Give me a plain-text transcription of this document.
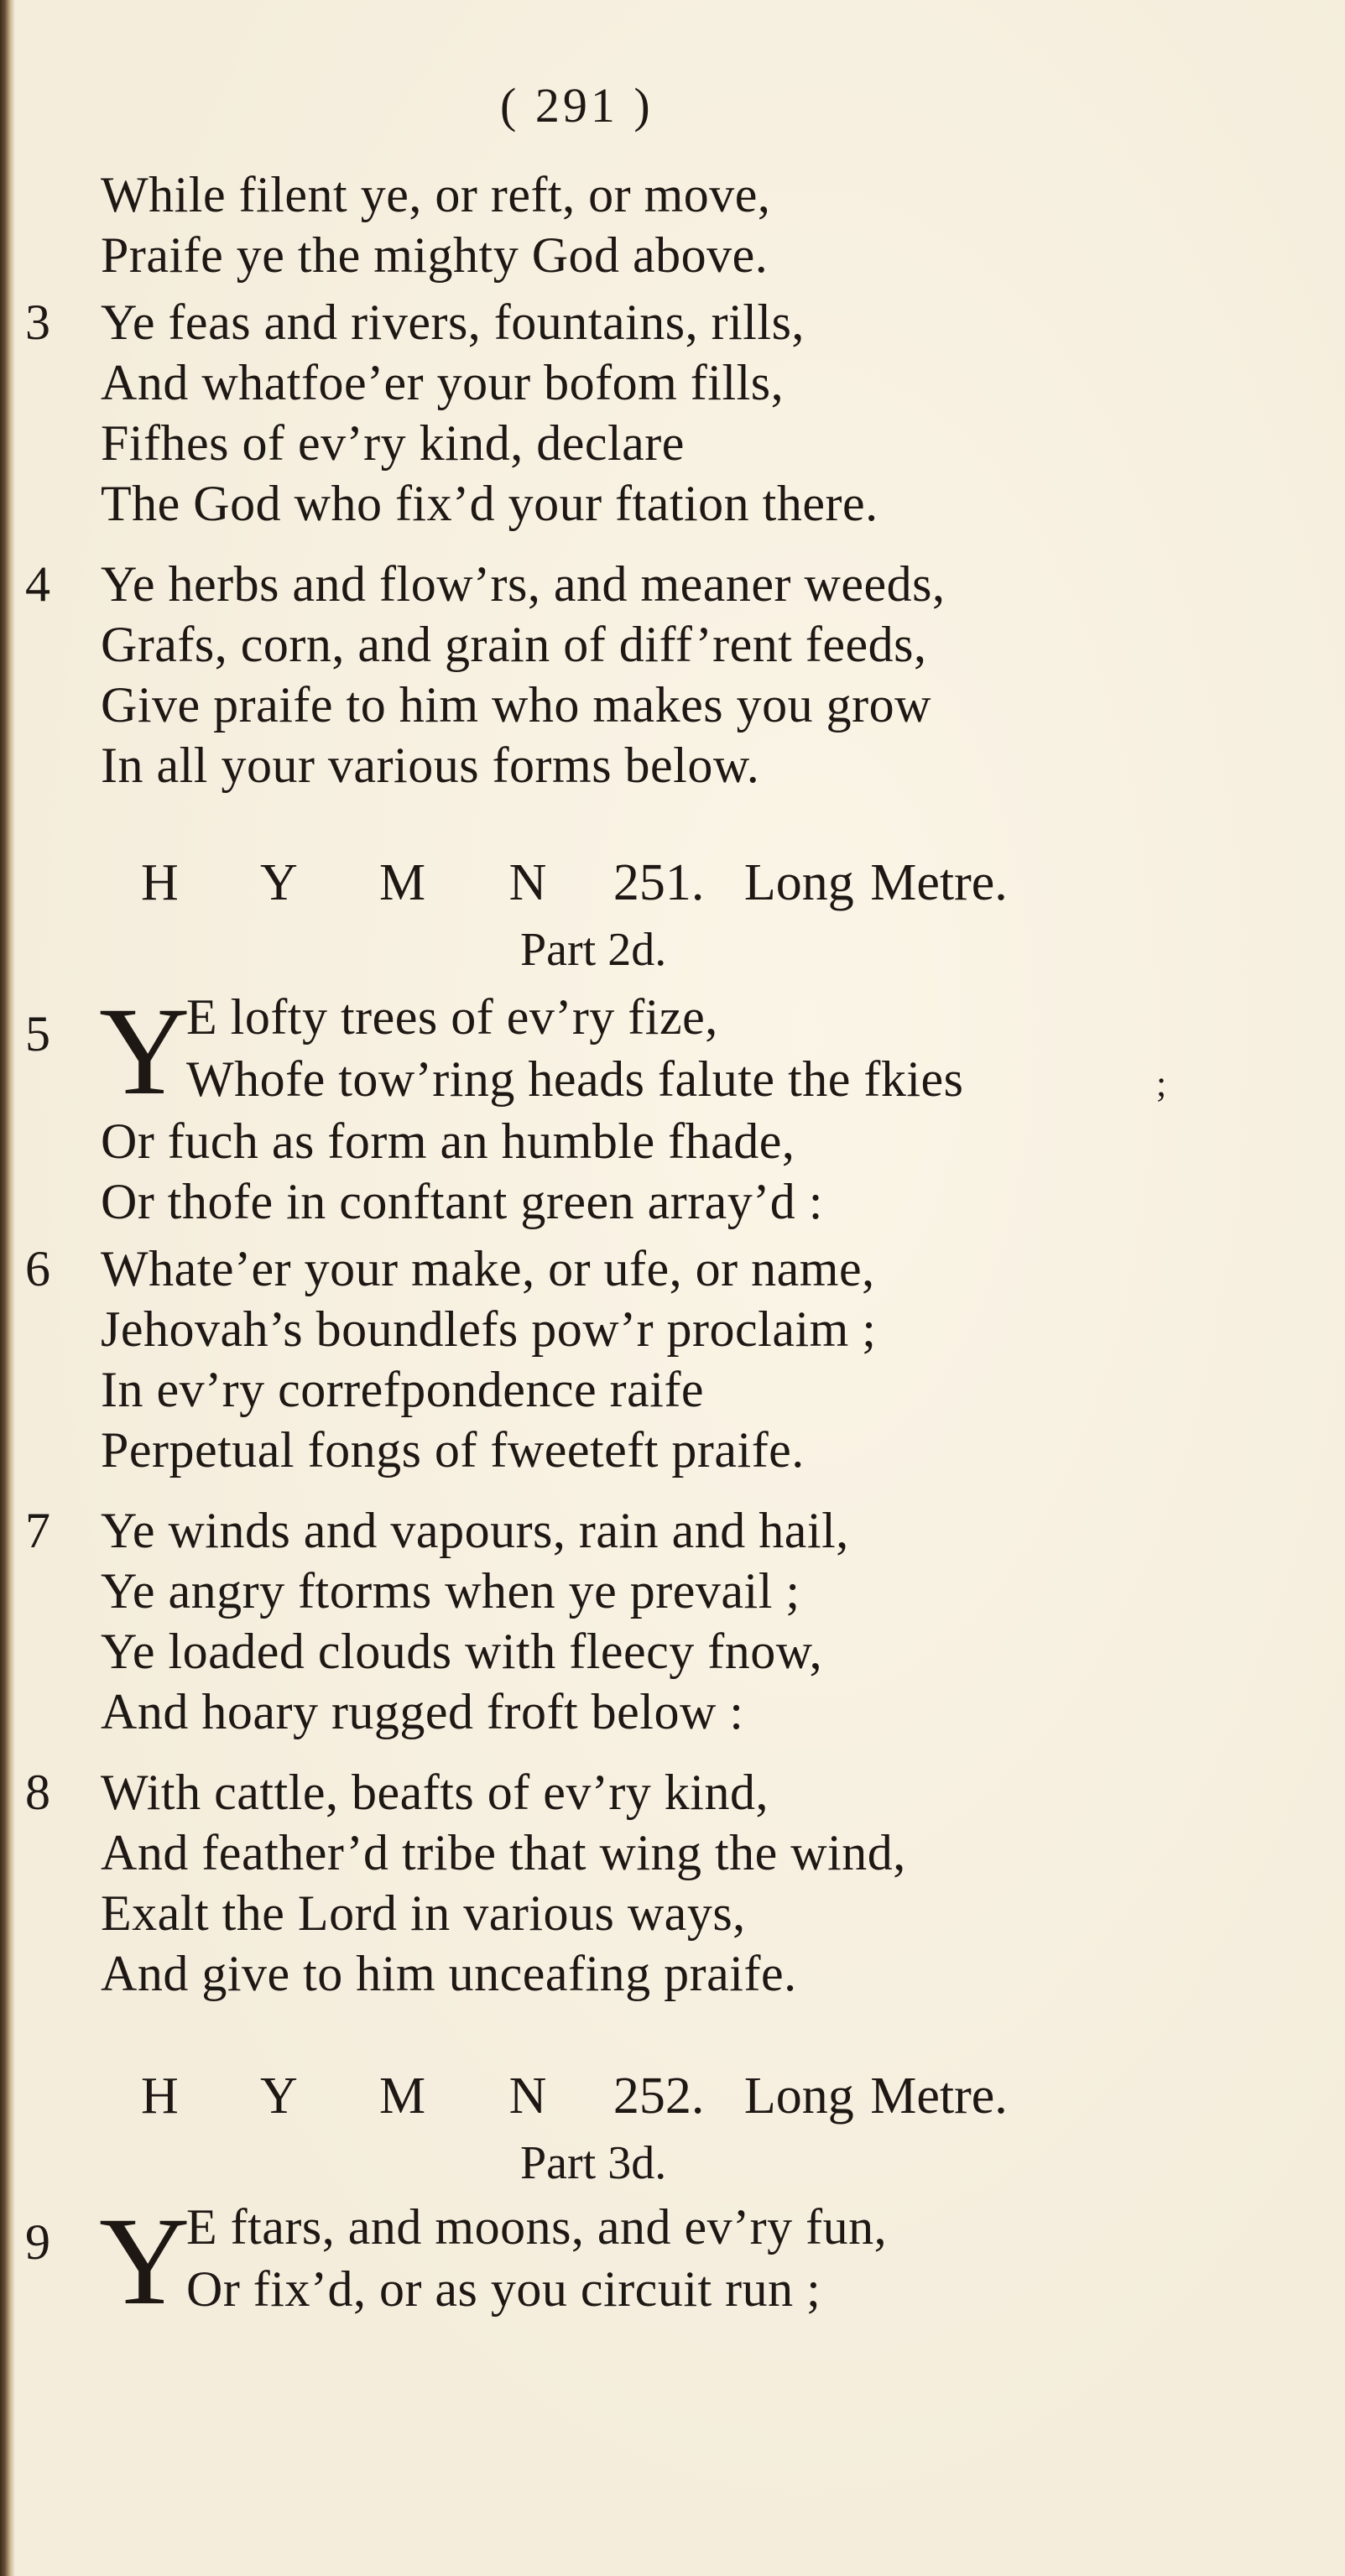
( 291 )
While filent ye, or reft, or move,
Praife ye the mighty God above.
3 Ye feas and rivers, fountains, rills,
And whatfoe’er your bofom fills,
Fifhes of ev’ry kind, declare
The God who fix’d your ftation there.
4 Ye herbs and flow’rs, and meaner weeds,
Grafs, corn, and grain of diff’rent feeds,
Give praife to him who makes you grow
In all your various forms below.
H Y M N 251. Long Metre.
Part 2d.
5 Y
E lofty trees of ev’ry fize,
Whofe tow’ring heads falute the fkies	;
Or fuch as form an humble fhade,
Or thofe in conftant green array’d :
6 Whate’er your make, or ufe, or name,
Jehovah’s boundlefs pow’r proclaim ;
In ev’ry correfpondence raife
Perpetual fongs of fweeteft praife.
7 Ye winds and vapours, rain and hail,
Ye angry ftorms when ye prevail ;
Ye loaded clouds with fleecy fnow,
And hoary rugged froft below :
8 With cattle, beafts of ev’ry kind,
And feather’d tribe that wing the wind,
Exalt the Lord in various ways,
And give to him unceafing praife.
H Y M N 252. Long Metre.
Part 3d.
9 Y
E ftars, and moons, and ev’ry fun,
Or fix’d, or as you circuit run ;
